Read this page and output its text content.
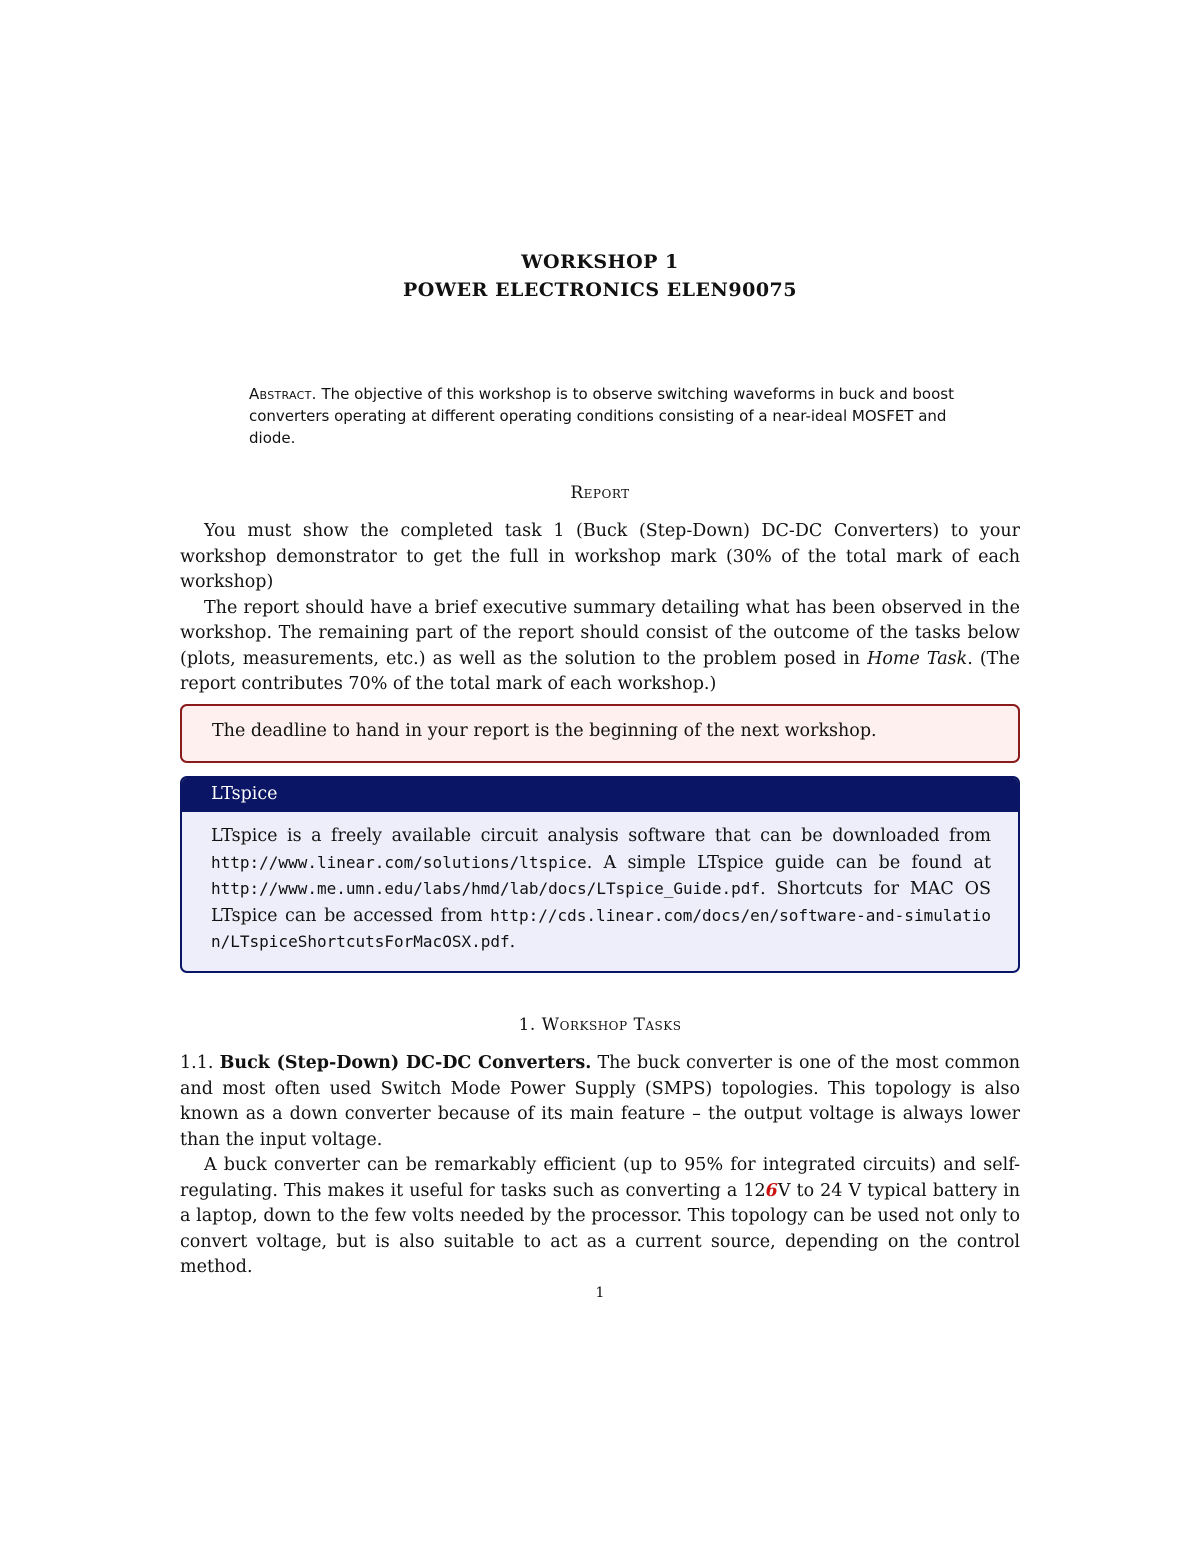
WORKSHOP 1
POWER ELECTRONICS ELEN90075
Abstract. The objective of this workshop is to observe switching waveforms in buck and boost converters operating at different operating conditions consisting of a near-ideal MOSFET and diode.
Report

You must show the completed task 1 (Buck (Step-Down) DC-DC Converters) to your workshop demonstrator to get the full in workshop mark (30% of the total mark of each workshop)

The report should have a brief executive summary detailing what has been observed in the workshop. The remaining part of the report should consist of the outcome of the tasks below (plots, measurements, etc.) as well as the solution to the problem posed in Home Task. (The report contributes 70% of the total mark of each workshop.)

The deadline to hand in your report is the beginning of the next workshop.
LTspice
LTspice is a freely available circuit analysis software that can be downloaded from http://www.linear.com/solutions/ltspice. A simple LTspice guide can be found at http://www.me.umn.edu/labs/hmd/lab/docs/LTspice_Guide.pdf. Shortcuts for MAC OS LTspice can be accessed from http://cds.linear.com/docs/en/software-and-simulation/LTspiceShortcutsForMacOSX.pdf.
1. Workshop Tasks

1.1. Buck (Step-Down) DC-DC Converters. The buck converter is one of the most common and most often used Switch Mode Power Supply (SMPS) topologies. This topology is also known as a down converter because of its main feature – the output voltage is always lower than the input voltage.

A buck converter can be remarkably efficient (up to 95% for integrated circuits) and self- regulating. This makes it useful for tasks such as converting a 126V to 24 V typical battery in a laptop, down to the few volts needed by the processor. This topology can be used not only to convert voltage, but is also suitable to act as a current source, depending on the control method.

1
